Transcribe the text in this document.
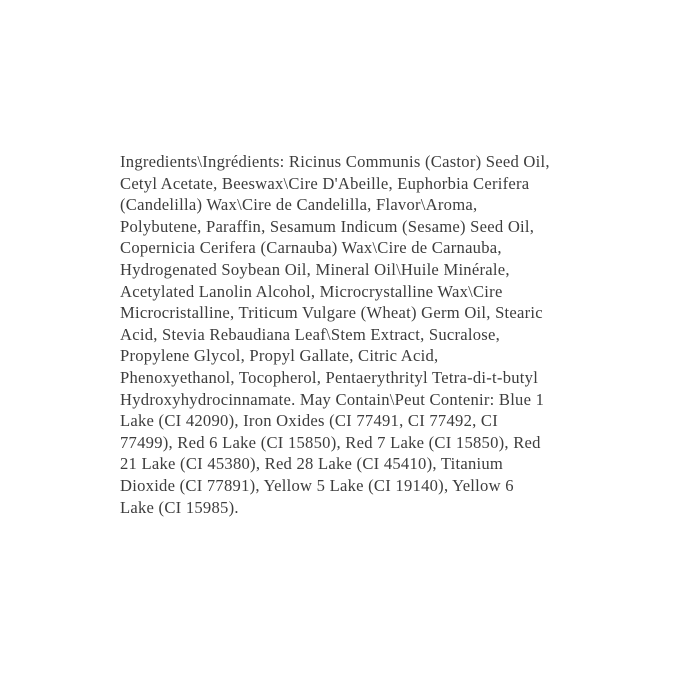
Ingredients\Ingrédients: Ricinus Communis (Castor) Seed Oil,
Cetyl Acetate, Beeswax\Cire D'Abeille, Euphorbia Cerifera
(Candelilla) Wax\Cire de Candelilla, Flavor\Aroma,
Polybutene, Paraffin, Sesamum Indicum (Sesame) Seed Oil,
Copernicia Cerifera (Carnauba) Wax\Cire de Carnauba,
Hydrogenated Soybean Oil, Mineral Oil\Huile Minérale,
Acetylated Lanolin Alcohol, Microcrystalline Wax\Cire
Microcristalline, Triticum Vulgare (Wheat) Germ Oil, Stearic
Acid, Stevia Rebaudiana Leaf\Stem Extract, Sucralose,
Propylene Glycol, Propyl Gallate, Citric Acid,
Phenoxyethanol, Tocopherol, Pentaerythrityl Tetra-di-t-butyl
Hydroxyhydrocinnamate. May Contain\Peut Contenir: Blue 1
Lake (CI 42090), Iron Oxides (CI 77491, CI 77492, CI
77499), Red 6 Lake (CI 15850), Red 7 Lake (CI 15850), Red
21 Lake (CI 45380), Red 28 Lake (CI 45410), Titanium
Dioxide (CI 77891), Yellow 5 Lake (CI 19140), Yellow 6
Lake (CI 15985).
